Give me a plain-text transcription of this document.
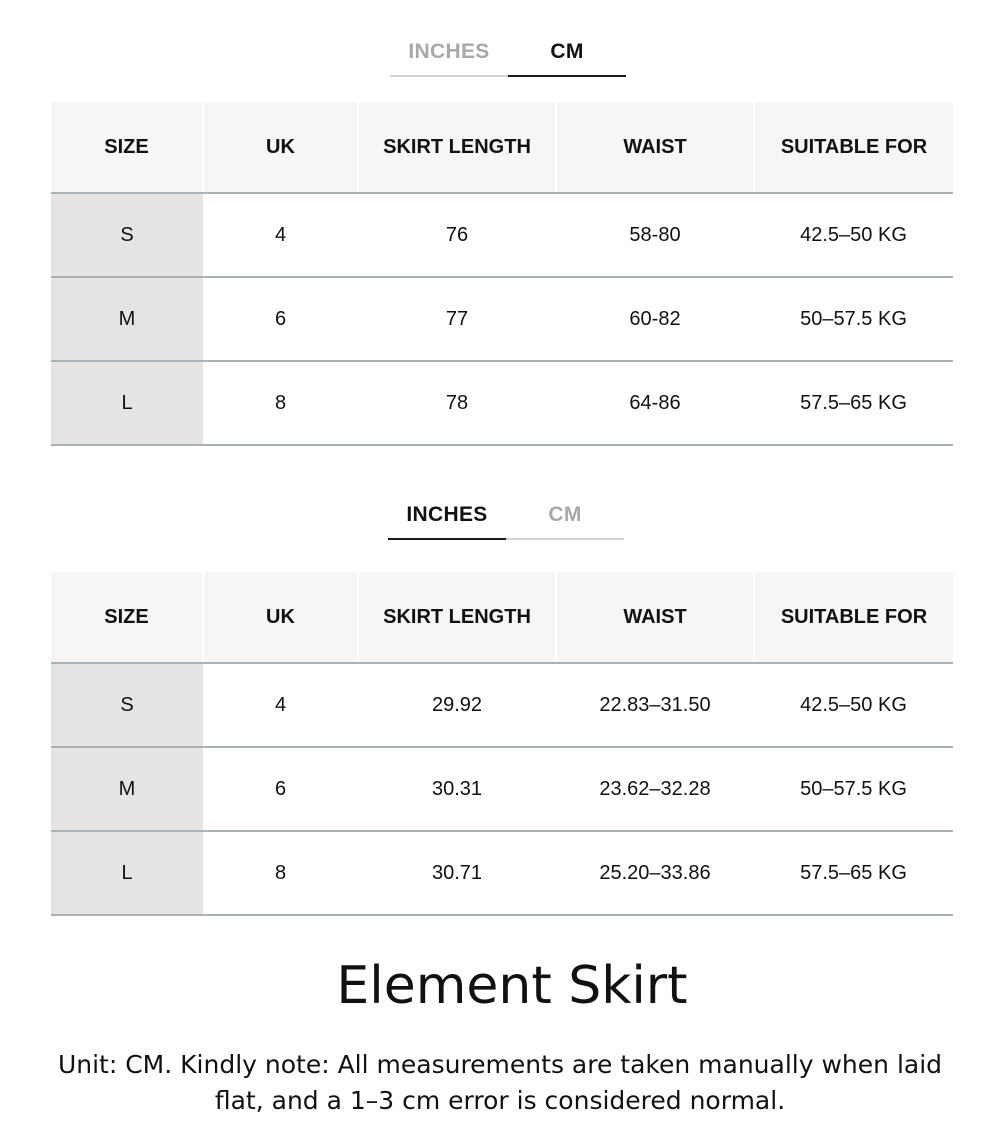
INCHES	CM
SIZE	UK	SKIRT LENGTH	WAIST	SUITABLE FOR
S	4	76	58-80	42.5–50 KG
M	6	77	60-82	50–57.5 KG
L	8	78	64-86	57.5–65 KG
INCHES	CM
SIZE	UK	SKIRT LENGTH	WAIST	SUITABLE FOR
S	4	29.92	22.83–31.50	42.5–50 KG
M	6	30.31	23.62–32.28	50–57.5 KG
L	8	30.71	25.20–33.86	57.5–65 KG
Element Skirt
Unit: CM. Kindly note: All measurements are taken manually when laid flat, and a 1–3 cm error is considered normal.
